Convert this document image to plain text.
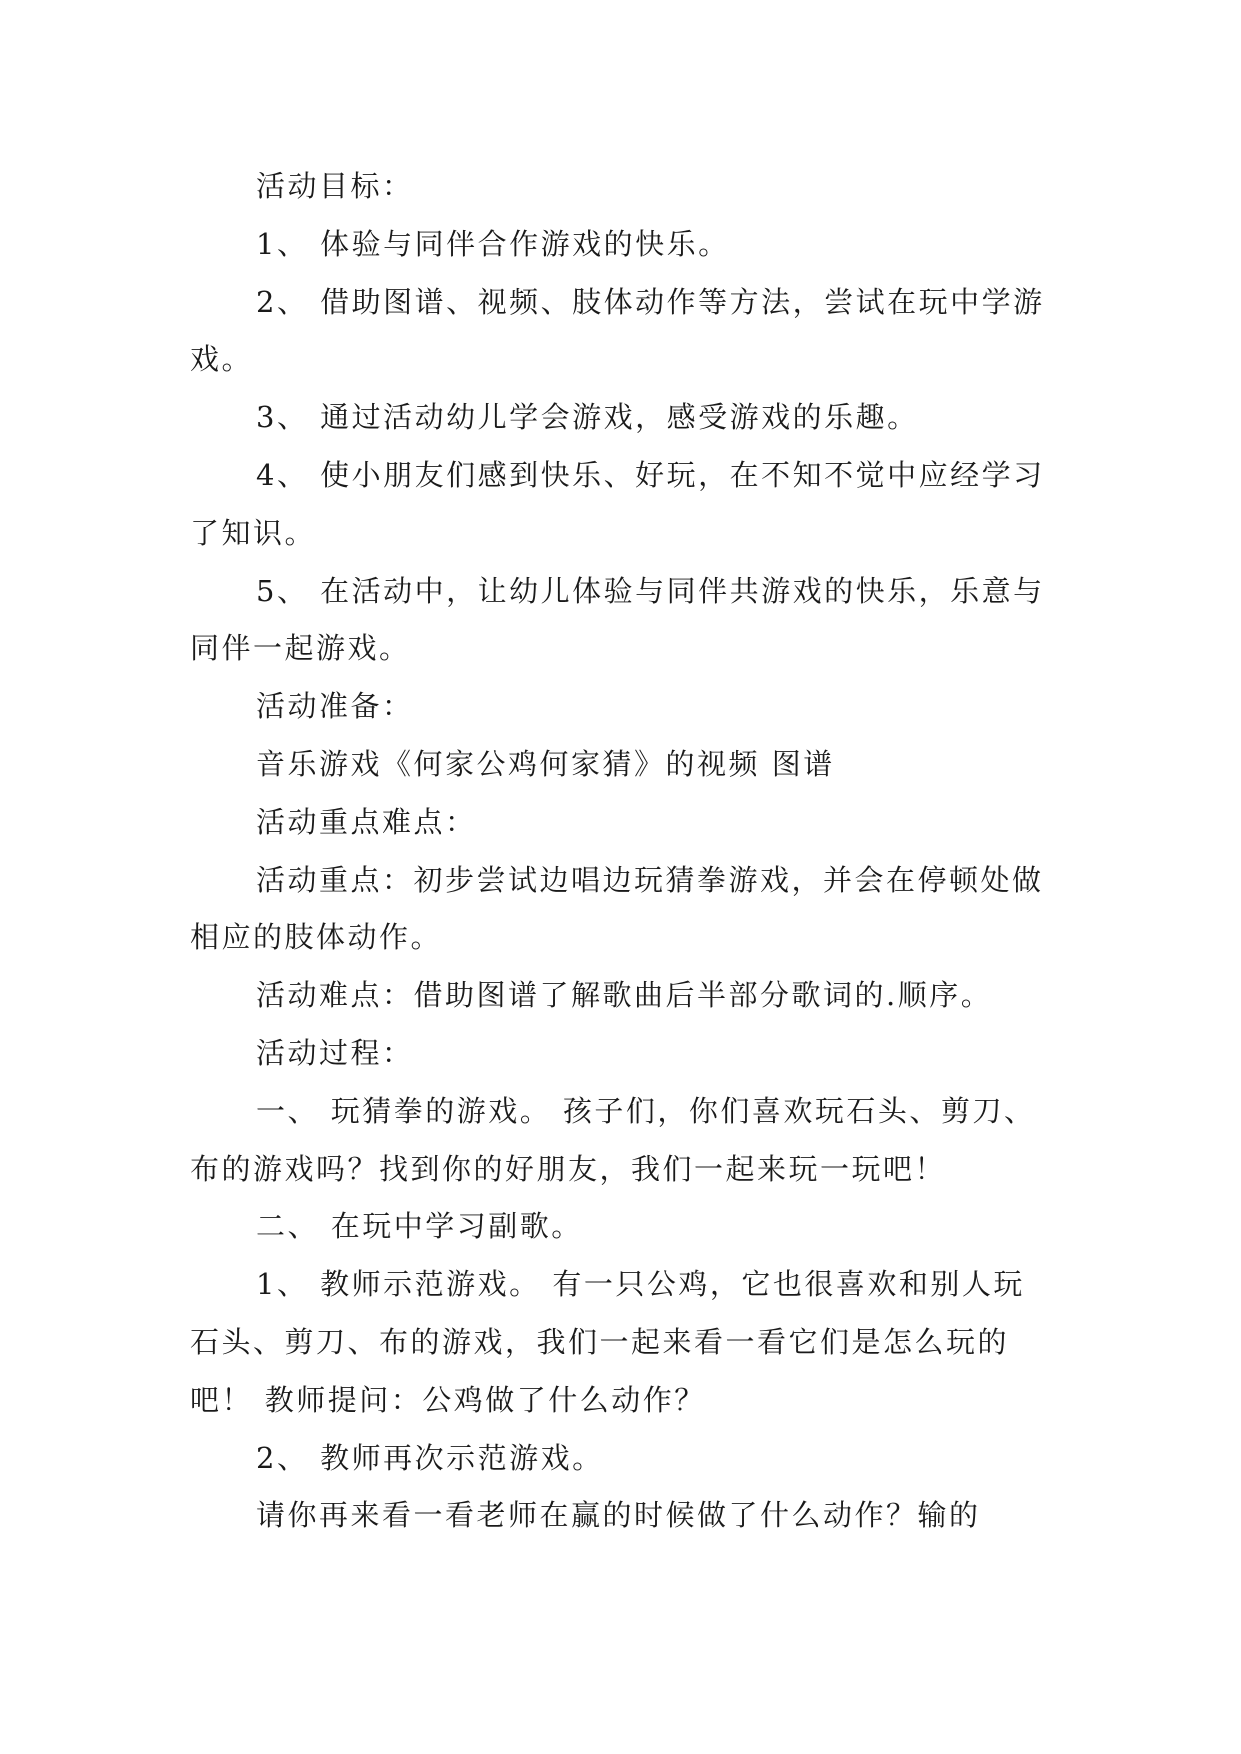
活动目标：

1、 体验与同伴合作游戏的快乐。

2、 借助图谱、视频、肢体动作等方法，尝试在玩中学游戏。

3、 通过活动幼儿学会游戏，感受游戏的乐趣。

4、 使小朋友们感到快乐、好玩，在不知不觉中应经学习了知识。

5、 在活动中，让幼儿体验与同伴共游戏的快乐，乐意与同伴一起游戏。

活动准备：

音乐游戏《何家公鸡何家猜》的视频 图谱

活动重点难点：

活动重点：初步尝试边唱边玩猜拳游戏，并会在停顿处做相应的肢体动作。

活动难点：借助图谱了解歌曲后半部分歌词的.顺序。

活动过程：

一、 玩猜拳的游戏。 孩子们，你们喜欢玩石头、剪刀、布的游戏吗？找到你的好朋友，我们一起来玩一玩吧！

二、 在玩中学习副歌。

1、 教师示范游戏。 有一只公鸡，它也很喜欢和别人玩石头、剪刀、布的游戏，我们一起来看一看它们是怎么玩的吧！ 教师提问：公鸡做了什么动作？

2、 教师再次示范游戏。

请你再来看一看老师在赢的时候做了什么动作？输的
